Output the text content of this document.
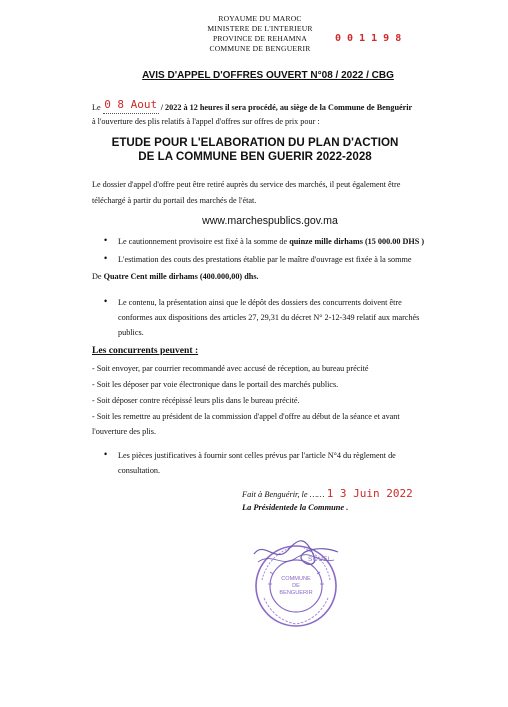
ROYAUME DU MAROC
MINISTERE DE L'INTERIEUR
PROVINCE DE REHAMNA
COMMUNE DE BENGUERIR
0 0 1 1 9 8
AVIS D'APPEL D'OFFRES OUVERT N°08 / 2022 / CBG
Le 0 8 Aout / 2022 à 12 heures il sera procédé, au siège de la Commune de Benguérir
à l'ouverture des plis relatifs à l'appel d'offres sur offres de prix pour :
ETUDE POUR L'ELABORATION DU PLAN D'ACTION
DE LA COMMUNE BEN GUERIR 2022-2028
Le dossier d'appel d'offre peut être retiré auprès du service des marchés, il peut également être
téléchargé à partir du portail des marchés de l'état.
www.marchespublics.gov.ma
• Le cautionnement provisoire est fixé à la somme de quinze mille dirhams (15 000.00 DHS )
• L'estimation des couts des prestations établie par le maître d'ouvrage est fixée à la somme
De Quatre Cent mille dirhams (400.000,00) dhs.
• Le contenu, la présentation ainsi que le dépôt des dossiers des concurrents doivent être
conformes aux dispositions des articles 27, 29,31 du décret N° 2-12-349 relatif aux marchés
publics.
Les concurrents peuvent :
- Soit envoyer, par courrier recommandé avec accusé de réception, au bureau précité
- Soit les déposer par voie électronique dans le portail des marchés publics.
- Soit déposer contre récépissé leurs plis dans le bureau précité.
- Soit les remettre au président de la commission d'appel d'offre au début de la séance et avant
l'ouverture des plis.
• Les pièces justificatives à fournir sont celles prévus par l'article N°4 du règlement de
consultation.
Fait à Benguérir, le …… 1 3 Juin 2022
La Présidentede la Commune .
COMMUNE
DE
BENGUERIR
SOUFI
